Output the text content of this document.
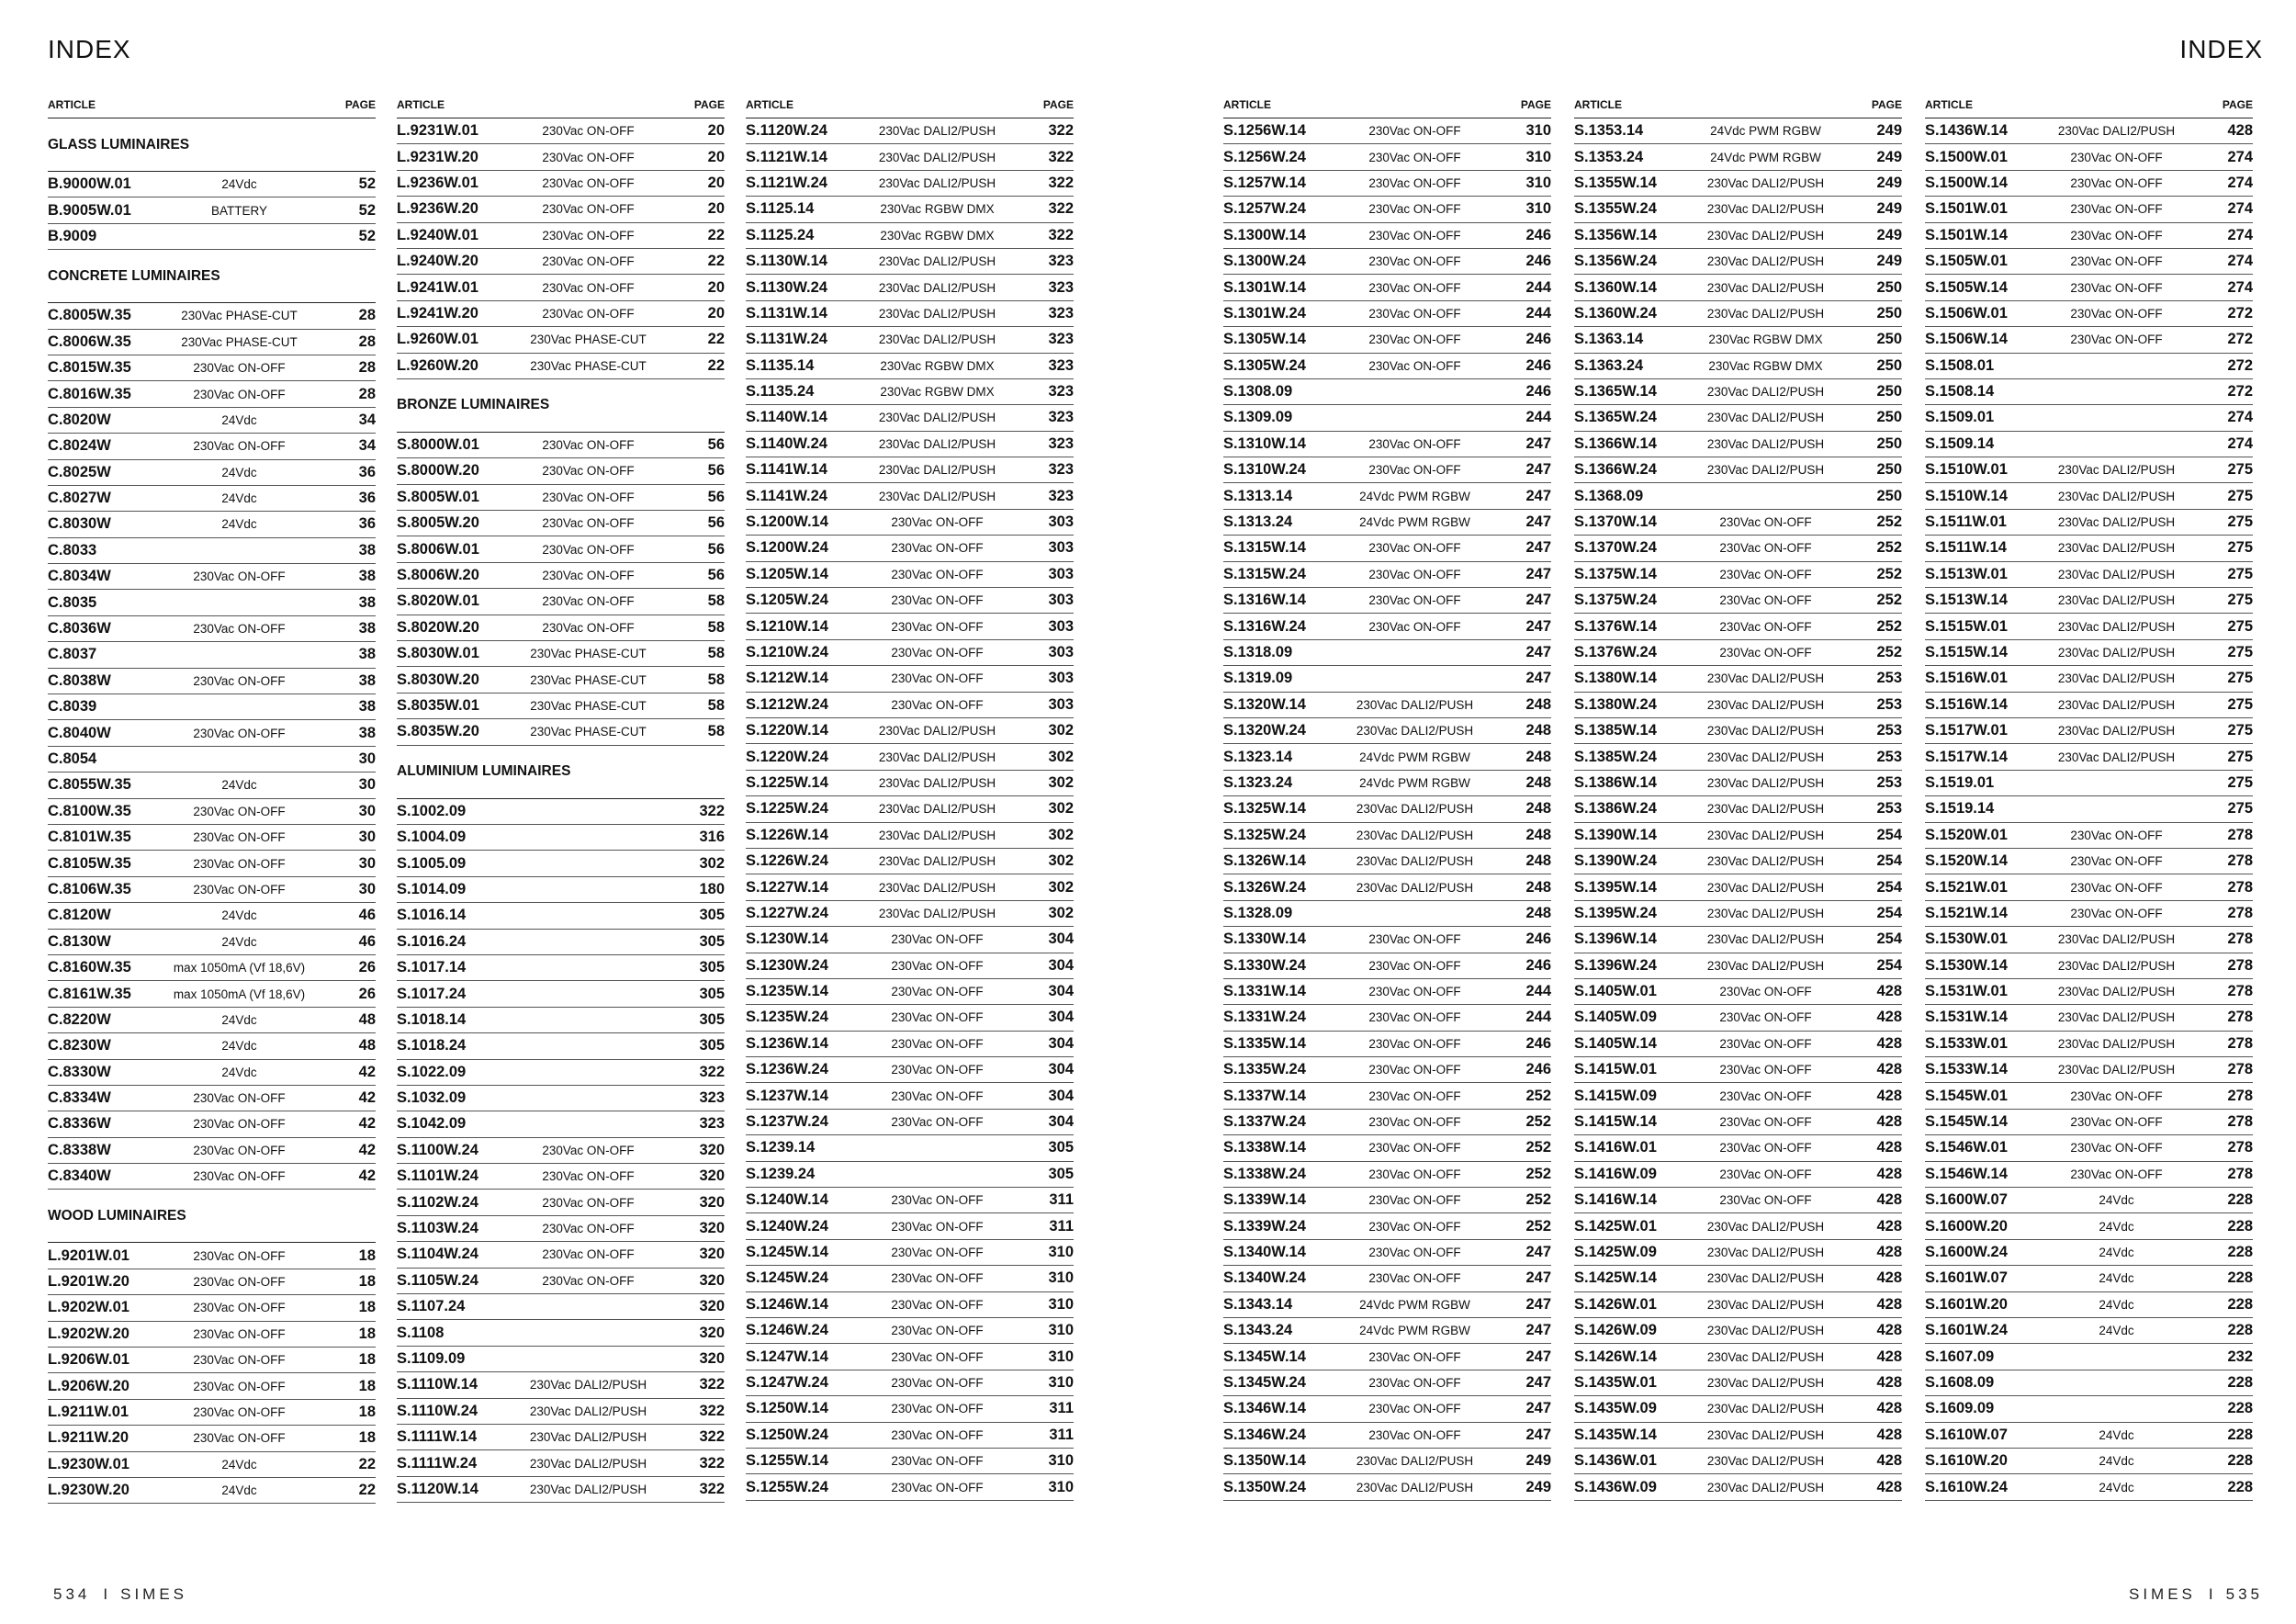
INDEX	INDEX
ARTICLE	PAGE
GLASS LUMINAIRES
B.9000W.01	24Vdc	52
B.9005W.01	BATTERY	52
B.9009	52
CONCRETE LUMINAIRES
C.8005W.35	230Vac PHASE-CUT	28
C.8006W.35	230Vac PHASE-CUT	28
C.8015W.35	230Vac ON-OFF	28
C.8016W.35	230Vac ON-OFF	28
C.8020W	24Vdc	34
C.8024W	230Vac ON-OFF	34
C.8025W	24Vdc	36
C.8027W	24Vdc	36
C.8030W	24Vdc	36
C.8033	38
C.8034W	230Vac ON-OFF	38
C.8035	38
C.8036W	230Vac ON-OFF	38
C.8037	38
C.8038W	230Vac ON-OFF	38
C.8039	38
C.8040W	230Vac ON-OFF	38
C.8054	30
C.8055W.35	24Vdc	30
C.8100W.35	230Vac ON-OFF	30
C.8101W.35	230Vac ON-OFF	30
C.8105W.35	230Vac ON-OFF	30
C.8106W.35	230Vac ON-OFF	30
C.8120W	24Vdc	46
C.8130W	24Vdc	46
C.8160W.35	max 1050mA (Vf 18,6V)	26
C.8161W.35	max 1050mA (Vf 18,6V)	26
C.8220W	24Vdc	48
C.8230W	24Vdc	48
C.8330W	24Vdc	42
C.8334W	230Vac ON-OFF	42
C.8336W	230Vac ON-OFF	42
C.8338W	230Vac ON-OFF	42
C.8340W	230Vac ON-OFF	42
WOOD LUMINAIRES
L.9201W.01	230Vac ON-OFF	18
L.9201W.20	230Vac ON-OFF	18
L.9202W.01	230Vac ON-OFF	18
L.9202W.20	230Vac ON-OFF	18
L.9206W.01	230Vac ON-OFF	18
L.9206W.20	230Vac ON-OFF	18
L.9211W.01	230Vac ON-OFF	18
L.9211W.20	230Vac ON-OFF	18
L.9230W.01	24Vdc	22
L.9230W.20	24Vdc	22
ARTICLE	PAGE
L.9231W.01	230Vac ON-OFF	20
L.9231W.20	230Vac ON-OFF	20
L.9236W.01	230Vac ON-OFF	20
L.9236W.20	230Vac ON-OFF	20
L.9240W.01	230Vac ON-OFF	22
L.9240W.20	230Vac ON-OFF	22
L.9241W.01	230Vac ON-OFF	20
L.9241W.20	230Vac ON-OFF	20
L.9260W.01	230Vac PHASE-CUT	22
L.9260W.20	230Vac PHASE-CUT	22
BRONZE LUMINAIRES
S.8000W.01	230Vac ON-OFF	56
S.8000W.20	230Vac ON-OFF	56
S.8005W.01	230Vac ON-OFF	56
S.8005W.20	230Vac ON-OFF	56
S.8006W.01	230Vac ON-OFF	56
S.8006W.20	230Vac ON-OFF	56
S.8020W.01	230Vac ON-OFF	58
S.8020W.20	230Vac ON-OFF	58
S.8030W.01	230Vac PHASE-CUT	58
S.8030W.20	230Vac PHASE-CUT	58
S.8035W.01	230Vac PHASE-CUT	58
S.8035W.20	230Vac PHASE-CUT	58
ALUMINIUM LUMINAIRES
S.1002.09	322
S.1004.09	316
S.1005.09	302
S.1014.09	180
S.1016.14	305
S.1016.24	305
S.1017.14	305
S.1017.24	305
S.1018.14	305
S.1018.24	305
S.1022.09	322
S.1032.09	323
S.1042.09	323
S.1100W.24	230Vac ON-OFF	320
S.1101W.24	230Vac ON-OFF	320
S.1102W.24	230Vac ON-OFF	320
S.1103W.24	230Vac ON-OFF	320
S.1104W.24	230Vac ON-OFF	320
S.1105W.24	230Vac ON-OFF	320
S.1107.24	320
S.1108	320
S.1109.09	320
S.1110W.14	230Vac DALI2/PUSH	322
S.1110W.24	230Vac DALI2/PUSH	322
S.1111W.14	230Vac DALI2/PUSH	322
S.1111W.24	230Vac DALI2/PUSH	322
S.1120W.14	230Vac DALI2/PUSH	322
ARTICLE	PAGE
S.1120W.24	230Vac DALI2/PUSH	322
S.1121W.14	230Vac DALI2/PUSH	322
S.1121W.24	230Vac DALI2/PUSH	322
S.1125.14	230Vac RGBW DMX	322
S.1125.24	230Vac RGBW DMX	322
S.1130W.14	230Vac DALI2/PUSH	323
S.1130W.24	230Vac DALI2/PUSH	323
S.1131W.14	230Vac DALI2/PUSH	323
S.1131W.24	230Vac DALI2/PUSH	323
S.1135.14	230Vac RGBW DMX	323
S.1135.24	230Vac RGBW DMX	323
S.1140W.14	230Vac DALI2/PUSH	323
S.1140W.24	230Vac DALI2/PUSH	323
S.1141W.14	230Vac DALI2/PUSH	323
S.1141W.24	230Vac DALI2/PUSH	323
S.1200W.14	230Vac ON-OFF	303
S.1200W.24	230Vac ON-OFF	303
S.1205W.14	230Vac ON-OFF	303
S.1205W.24	230Vac ON-OFF	303
S.1210W.14	230Vac ON-OFF	303
S.1210W.24	230Vac ON-OFF	303
S.1212W.14	230Vac ON-OFF	303
S.1212W.24	230Vac ON-OFF	303
S.1220W.14	230Vac DALI2/PUSH	302
S.1220W.24	230Vac DALI2/PUSH	302
S.1225W.14	230Vac DALI2/PUSH	302
S.1225W.24	230Vac DALI2/PUSH	302
S.1226W.14	230Vac DALI2/PUSH	302
S.1226W.24	230Vac DALI2/PUSH	302
S.1227W.14	230Vac DALI2/PUSH	302
S.1227W.24	230Vac DALI2/PUSH	302
S.1230W.14	230Vac ON-OFF	304
S.1230W.24	230Vac ON-OFF	304
S.1235W.14	230Vac ON-OFF	304
S.1235W.24	230Vac ON-OFF	304
S.1236W.14	230Vac ON-OFF	304
S.1236W.24	230Vac ON-OFF	304
S.1237W.14	230Vac ON-OFF	304
S.1237W.24	230Vac ON-OFF	304
S.1239.14	305
S.1239.24	305
S.1240W.14	230Vac ON-OFF	311
S.1240W.24	230Vac ON-OFF	311
S.1245W.14	230Vac ON-OFF	310
S.1245W.24	230Vac ON-OFF	310
S.1246W.14	230Vac ON-OFF	310
S.1246W.24	230Vac ON-OFF	310
S.1247W.14	230Vac ON-OFF	310
S.1247W.24	230Vac ON-OFF	310
S.1250W.14	230Vac ON-OFF	311
S.1250W.24	230Vac ON-OFF	311
S.1255W.14	230Vac ON-OFF	310
S.1255W.24	230Vac ON-OFF	310
ARTICLE	PAGE
S.1256W.14	230Vac ON-OFF	310
S.1256W.24	230Vac ON-OFF	310
S.1257W.14	230Vac ON-OFF	310
S.1257W.24	230Vac ON-OFF	310
S.1300W.14	230Vac ON-OFF	246
S.1300W.24	230Vac ON-OFF	246
S.1301W.14	230Vac ON-OFF	244
S.1301W.24	230Vac ON-OFF	244
S.1305W.14	230Vac ON-OFF	246
S.1305W.24	230Vac ON-OFF	246
S.1308.09	246
S.1309.09	244
S.1310W.14	230Vac ON-OFF	247
S.1310W.24	230Vac ON-OFF	247
S.1313.14	24Vdc PWM RGBW	247
S.1313.24	24Vdc PWM RGBW	247
S.1315W.14	230Vac ON-OFF	247
S.1315W.24	230Vac ON-OFF	247
S.1316W.14	230Vac ON-OFF	247
S.1316W.24	230Vac ON-OFF	247
S.1318.09	247
S.1319.09	247
S.1320W.14	230Vac DALI2/PUSH	248
S.1320W.24	230Vac DALI2/PUSH	248
S.1323.14	24Vdc PWM RGBW	248
S.1323.24	24Vdc PWM RGBW	248
S.1325W.14	230Vac DALI2/PUSH	248
S.1325W.24	230Vac DALI2/PUSH	248
S.1326W.14	230Vac DALI2/PUSH	248
S.1326W.24	230Vac DALI2/PUSH	248
S.1328.09	248
S.1330W.14	230Vac ON-OFF	246
S.1330W.24	230Vac ON-OFF	246
S.1331W.14	230Vac ON-OFF	244
S.1331W.24	230Vac ON-OFF	244
S.1335W.14	230Vac ON-OFF	246
S.1335W.24	230Vac ON-OFF	246
S.1337W.14	230Vac ON-OFF	252
S.1337W.24	230Vac ON-OFF	252
S.1338W.14	230Vac ON-OFF	252
S.1338W.24	230Vac ON-OFF	252
S.1339W.14	230Vac ON-OFF	252
S.1339W.24	230Vac ON-OFF	252
S.1340W.14	230Vac ON-OFF	247
S.1340W.24	230Vac ON-OFF	247
S.1343.14	24Vdc PWM RGBW	247
S.1343.24	24Vdc PWM RGBW	247
S.1345W.14	230Vac ON-OFF	247
S.1345W.24	230Vac ON-OFF	247
S.1346W.14	230Vac ON-OFF	247
S.1346W.24	230Vac ON-OFF	247
S.1350W.14	230Vac DALI2/PUSH	249
S.1350W.24	230Vac DALI2/PUSH	249
ARTICLE	PAGE
S.1353.14	24Vdc PWM RGBW	249
S.1353.24	24Vdc PWM RGBW	249
S.1355W.14	230Vac DALI2/PUSH	249
S.1355W.24	230Vac DALI2/PUSH	249
S.1356W.14	230Vac DALI2/PUSH	249
S.1356W.24	230Vac DALI2/PUSH	249
S.1360W.14	230Vac DALI2/PUSH	250
S.1360W.24	230Vac DALI2/PUSH	250
S.1363.14	230Vac RGBW DMX	250
S.1363.24	230Vac RGBW DMX	250
S.1365W.14	230Vac DALI2/PUSH	250
S.1365W.24	230Vac DALI2/PUSH	250
S.1366W.14	230Vac DALI2/PUSH	250
S.1366W.24	230Vac DALI2/PUSH	250
S.1368.09	250
S.1370W.14	230Vac ON-OFF	252
S.1370W.24	230Vac ON-OFF	252
S.1375W.14	230Vac ON-OFF	252
S.1375W.24	230Vac ON-OFF	252
S.1376W.14	230Vac ON-OFF	252
S.1376W.24	230Vac ON-OFF	252
S.1380W.14	230Vac DALI2/PUSH	253
S.1380W.24	230Vac DALI2/PUSH	253
S.1385W.14	230Vac DALI2/PUSH	253
S.1385W.24	230Vac DALI2/PUSH	253
S.1386W.14	230Vac DALI2/PUSH	253
S.1386W.24	230Vac DALI2/PUSH	253
S.1390W.14	230Vac DALI2/PUSH	254
S.1390W.24	230Vac DALI2/PUSH	254
S.1395W.14	230Vac DALI2/PUSH	254
S.1395W.24	230Vac DALI2/PUSH	254
S.1396W.14	230Vac DALI2/PUSH	254
S.1396W.24	230Vac DALI2/PUSH	254
S.1405W.01	230Vac ON-OFF	428
S.1405W.09	230Vac ON-OFF	428
S.1405W.14	230Vac ON-OFF	428
S.1415W.01	230Vac ON-OFF	428
S.1415W.09	230Vac ON-OFF	428
S.1415W.14	230Vac ON-OFF	428
S.1416W.01	230Vac ON-OFF	428
S.1416W.09	230Vac ON-OFF	428
S.1416W.14	230Vac ON-OFF	428
S.1425W.01	230Vac DALI2/PUSH	428
S.1425W.09	230Vac DALI2/PUSH	428
S.1425W.14	230Vac DALI2/PUSH	428
S.1426W.01	230Vac DALI2/PUSH	428
S.1426W.09	230Vac DALI2/PUSH	428
S.1426W.14	230Vac DALI2/PUSH	428
S.1435W.01	230Vac DALI2/PUSH	428
S.1435W.09	230Vac DALI2/PUSH	428
S.1435W.14	230Vac DALI2/PUSH	428
S.1436W.01	230Vac DALI2/PUSH	428
S.1436W.09	230Vac DALI2/PUSH	428
ARTICLE	PAGE
S.1436W.14	230Vac DALI2/PUSH	428
S.1500W.01	230Vac ON-OFF	274
S.1500W.14	230Vac ON-OFF	274
S.1501W.01	230Vac ON-OFF	274
S.1501W.14	230Vac ON-OFF	274
S.1505W.01	230Vac ON-OFF	274
S.1505W.14	230Vac ON-OFF	274
S.1506W.01	230Vac ON-OFF	272
S.1506W.14	230Vac ON-OFF	272
S.1508.01	272
S.1508.14	272
S.1509.01	274
S.1509.14	274
S.1510W.01	230Vac DALI2/PUSH	275
S.1510W.14	230Vac DALI2/PUSH	275
S.1511W.01	230Vac DALI2/PUSH	275
S.1511W.14	230Vac DALI2/PUSH	275
S.1513W.01	230Vac DALI2/PUSH	275
S.1513W.14	230Vac DALI2/PUSH	275
S.1515W.01	230Vac DALI2/PUSH	275
S.1515W.14	230Vac DALI2/PUSH	275
S.1516W.01	230Vac DALI2/PUSH	275
S.1516W.14	230Vac DALI2/PUSH	275
S.1517W.01	230Vac DALI2/PUSH	275
S.1517W.14	230Vac DALI2/PUSH	275
S.1519.01	275
S.1519.14	275
S.1520W.01	230Vac ON-OFF	278
S.1520W.14	230Vac ON-OFF	278
S.1521W.01	230Vac ON-OFF	278
S.1521W.14	230Vac ON-OFF	278
S.1530W.01	230Vac DALI2/PUSH	278
S.1530W.14	230Vac DALI2/PUSH	278
S.1531W.01	230Vac DALI2/PUSH	278
S.1531W.14	230Vac DALI2/PUSH	278
S.1533W.01	230Vac DALI2/PUSH	278
S.1533W.14	230Vac DALI2/PUSH	278
S.1545W.01	230Vac ON-OFF	278
S.1545W.14	230Vac ON-OFF	278
S.1546W.01	230Vac ON-OFF	278
S.1546W.14	230Vac ON-OFF	278
S.1600W.07	24Vdc	228
S.1600W.20	24Vdc	228
S.1600W.24	24Vdc	228
S.1601W.07	24Vdc	228
S.1601W.20	24Vdc	228
S.1601W.24	24Vdc	228
S.1607.09	232
S.1608.09	228
S.1609.09	228
S.1610W.07	24Vdc	228
S.1610W.20	24Vdc	228
S.1610W.24	24Vdc	228
534 I SIMES	SIMES I 535
